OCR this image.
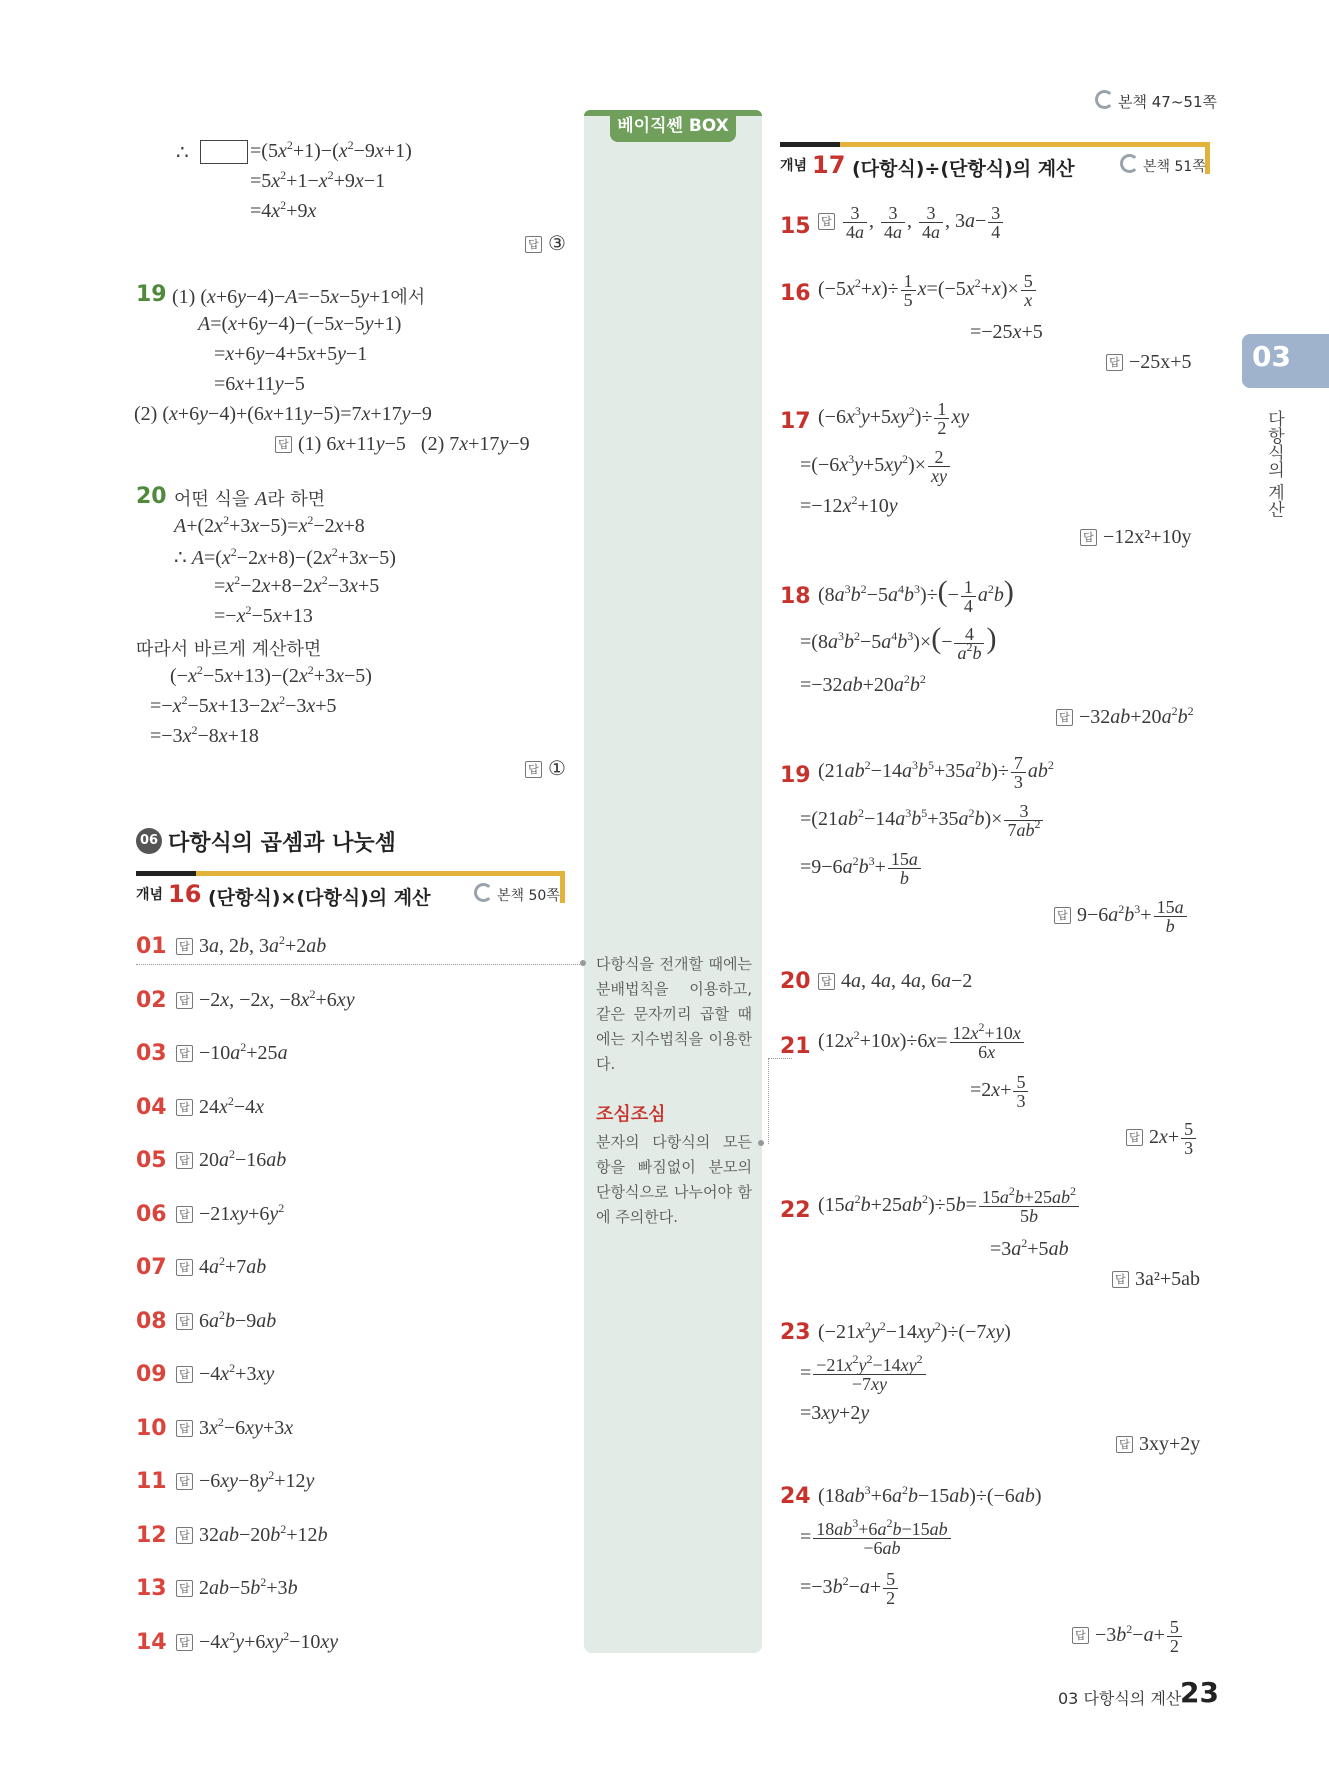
본책 47~51쪽
베이직쎈 BOX
03
다항식의 계산
∴	$=(5x^2+1)-(x^2-9x+1)$
$=5x^2+1-x^2+9x-1$
$=4x^2+9x$
답 ③
19 (1) (x+6y−4)−A=−5x−5y+1에서
A=(x+6y−4)−(−5x−5y+1)
=x+6y−4+5x+5y−1
=6x+11y−5
(2) (x+6y−4)+(6x+11y−5)=7x+17y−9
답 (1) 6x+11y−5   (2) 7x+17y−9
20 어떤 식을 A라 하면
$A+(2x^2+3x-5)=x^2-2x+8$
∴ $A=(x^2-2x+8)-(2x^2+3x-5)$
$=x^2-2x+8-2x^2-3x+5$
$=-x^2-5x+13$
따라서 바르게 계산하면
$(-x^2-5x+13)-(2x^2+3x-5)$
$=-x^2-5x+13-2x^2-3x+5$
$=-3x^2-8x+18$
답 ①
06 다항식의 곱셈과 나눗셈
개념 16 (단항식)×(다항식)의 계산	본책 50쪽
01 답 3a, 2b, $3a^2+2ab$
02 답 −2x, −2x, $-8x^2+6xy$
03 답 $-10a^2+25a$
04 답 $24x^2-4x$
05 답 $20a^2-16ab$
06 답 $-21xy+6y^2$
07 답 $4a^2+7ab$
08 답 $6a^2b-9ab$
09 답 $-4x^2+3xy$
10 답 $3x^2-6xy+3x$
11 답 $-6xy-8y^2+12y$
12 답 $32ab-20b^2+12b$
13 답 $2ab-5b^2+3b$
14 답 $-4x^2y+6xy^2-10xy$
다항식을 전개할 때에는 분배법칙을 이용하고, 같은 문자끼리 곱할 때에는 지수법칙을 이용한다.
조심조심
분자의 다항식의 모든 항을 빠짐없이 분모의 단항식으로 나누어야 함에 주의한다.
개념 17 (다항식)÷(단항식)의 계산	본책 51쪽
15 답 $\frac{3}{4a}$ , $\frac{3}{4a}$ , $\frac{3}{4a}$ , $3a- \frac{3}{4}$
16 $(-5x^2+x)\div \frac{1}{5} x=(-5x^2+x)\times \frac{5}{x}$
=−25x+5
답 −25x+5
17 $(-6x^3y+5xy^2)\div \frac{1}{2}$ xy
$=(-6x^3y+5xy^2)\times \frac{2}{xy}$
$=-12x^2+10y$
답 −12x²+10y
18 $(8a^3b^2-5a^4b^3)\div(- \frac{1}{4} a^2b)$
$=(8a^3b^2-5a^4b^3)\times(- \frac{4}{a^2b}$ )
$=-32ab+20a^2b^2$
답 $-32ab+20a^2b^2$
19 $(21ab^2-14a^3b^5+35a^2b)\div \frac{7}{3} ab^2$
$=(21ab^2-14a^3b^5+35a^2b)\times \frac{3}{7ab^2}$
$=9-6a^2b^3+ \frac{15a}{b}$
답 $9-6a^2b^3+ \frac{15a}{b}$
20 답 4a, 4a, 4a, 6a−2
21 $(12x^2+10x)\div 6x= \frac{12x^2+10x}{6x}$
$=2x+ \frac{5}{3}$
답 $2x+ \frac{5}{3}$
22 $(15a^2b+25ab^2)\div 5b= \frac{15a^2b+25ab^2}{5b}$
$=3a^2+5ab$
답 3a²+5ab
23 $(-21x^2y^2-14xy^2)\div(-7xy)$
= $\frac{-21x^2y^2-14xy^2}{-7xy}$
=3xy+2y
답 3xy+2y
24 $(18ab^3+6a^2b-15ab)\div(-6ab)$
= $\frac{18ab^3+6a^2b-15ab}{-6ab}$
$=-3b^2-a+ \frac{5}{2}$
답 $-3b^2-a+ \frac{5}{2}$
03 다항식의 계산
23
